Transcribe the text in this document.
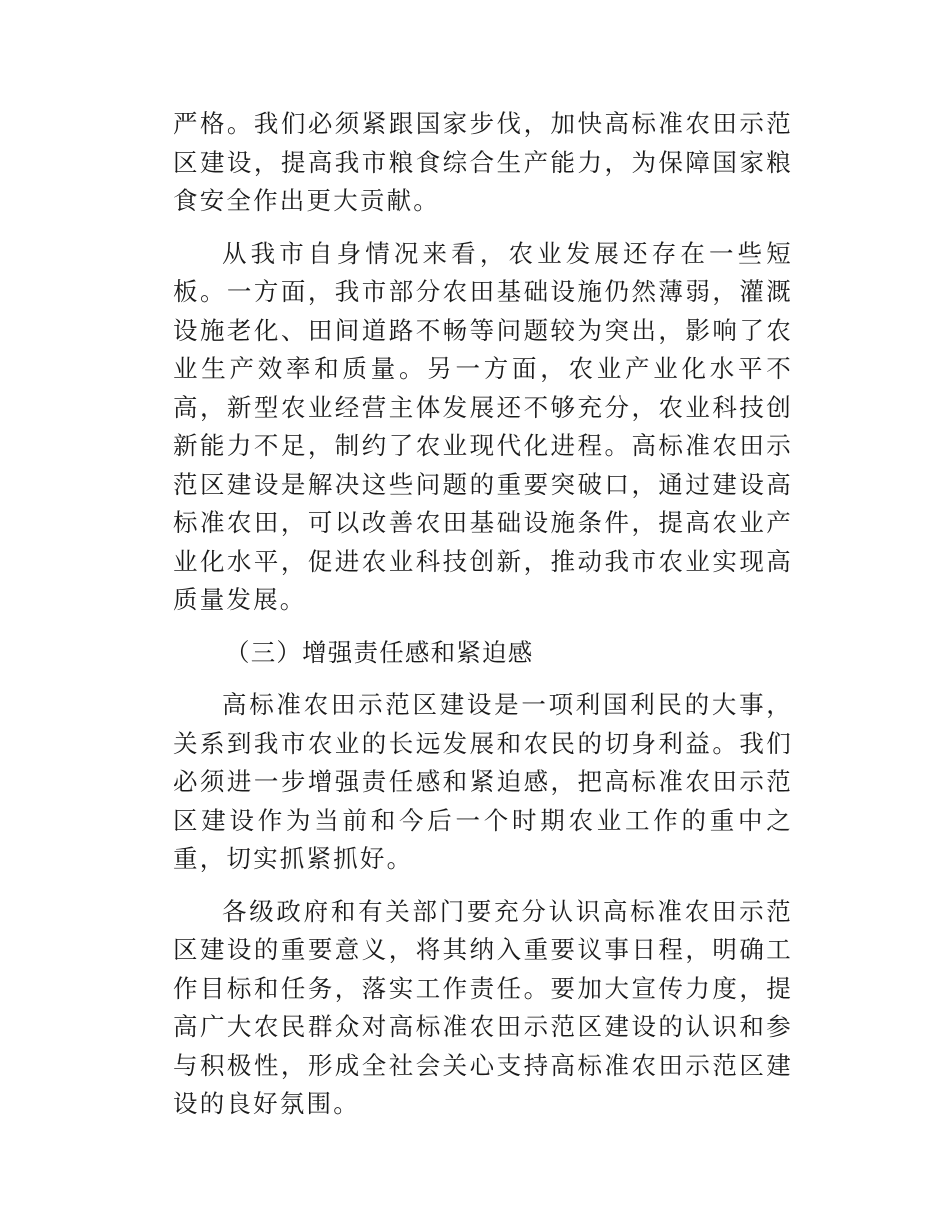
严格。我们必须紧跟国家步伐，加快高标准农田示范区建设，提高我市粮食综合生产能力，为保障国家粮食安全作出更大贡献。

从我市自身情况来看，农业发展还存在一些短板。一方面，我市部分农田基础设施仍然薄弱，灌溉设施老化、田间道路不畅等问题较为突出，影响了农业生产效率和质量。另一方面，农业产业化水平不高，新型农业经营主体发展还不够充分，农业科技创新能力不足，制约了农业现代化进程。高标准农田示范区建设是解决这些问题的重要突破口，通过建设高标准农田，可以改善农田基础设施条件，提高农业产业化水平，促进农业科技创新，推动我市农业实现高质量发展。

（三）增强责任感和紧迫感

高标准农田示范区建设是一项利国利民的大事，关系到我市农业的长远发展和农民的切身利益。我们必须进一步增强责任感和紧迫感，把高标准农田示范区建设作为当前和今后一个时期农业工作的重中之重，切实抓紧抓好。

各级政府和有关部门要充分认识高标准农田示范区建设的重要意义，将其纳入重要议事日程，明确工作目标和任务，落实工作责任。要加大宣传力度，提高广大农民群众对高标准农田示范区建设的认识和参与积极性，形成全社会关心支持高标准农田示范区建设的良好氛围。
